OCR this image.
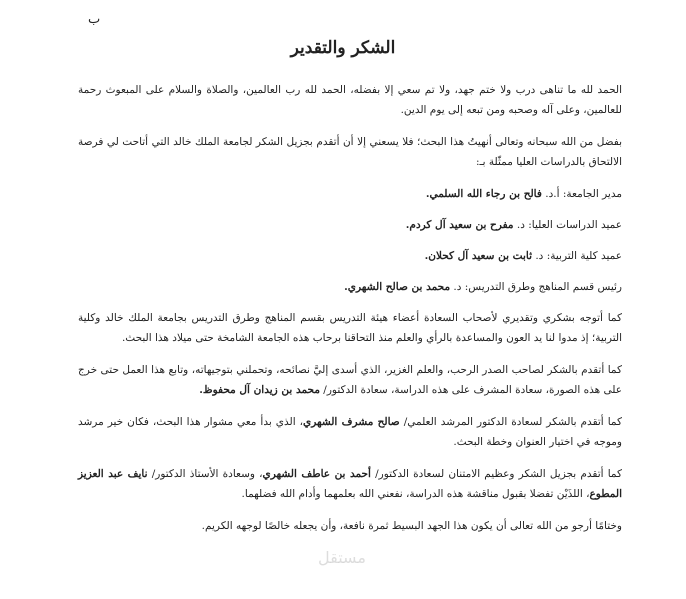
ب
الشكر والتقدير

الحمد لله ما تناهى درب ولا ختم جهد، ولا تم سعي إلا بفضله، الحمد لله رب العالمين، والصلاة والسلام على المبعوث رحمة للعالمين، وعلى آله وصحبه ومن تبعه إلى يوم الدين.

بفضل من الله سبحانه وتعالى أنهيتُ هذا البحث؛ فلا يسعني إلا أن أتقدم بجزيل الشكر لجامعة الملك خالد التي أتاحت لي فرصة الالتحاق بالدراسات العليا ممثّلة بـ:

مدير الجامعة: أ.د. فالح بن رجاء الله السلمي.

عميد الدراسات العليا: د. مفرح بن سعيد آل كردم.

عميد كلية التربية: د. ثابت بن سعيد آل كحلان.

رئيس قسم المناهج وطرق التدريس: د. محمد بن صالح الشهري.

كما أتوجه بشكري وتقديري لأصحاب السعادة أعضاء هيئة التدريس بقسم المناهج وطرق التدريس بجامعة الملك خالد وكلية التربية؛ إذ مدوا لنا يد العون والمساعدة بالرأي والعلم منذ التحاقنا برحاب هذه الجامعة الشامخة حتى ميلاد هذا البحث.

كما أتقدم بالشكر لصاحب الصدر الرحب، والعلم الغزير، الذي أسدى إليَّ نصائحه، وتحملني بتوجيهاته، وتابع هذا العمل حتى خرج على هذه الصورة، سعادة المشرف على هذه الدراسة، سعادة الدكتور/ محمد بن زيدان آل محفوظ.

كما أتقدم بالشكر لسعادة الدكتور المرشد العلمي/ صالح مشرف الشهري، الذي بدأ معي مشوار هذا البحث، فكان خير مرشد وموجه في اختيار العنوان وخطة البحث.

كما أتقدم بجزيل الشكر وعظيم الامتنان لسعادة الدكتور/ أحمد بن عاطف الشهري، وسعادة الأستاذ الدكتور/ نايف عبد العزيز المطوع، اللذَيْن تفضلا بقبول مناقشة هذه الدراسة، نفعني الله بعلمهما وأدام الله فضلهما.

وختامًا أرجو من الله تعالى أن يكون هذا الجهد البسيط ثمرة نافعة، وأن يجعله خالصًا لوجهه الكريم.

مستقل
